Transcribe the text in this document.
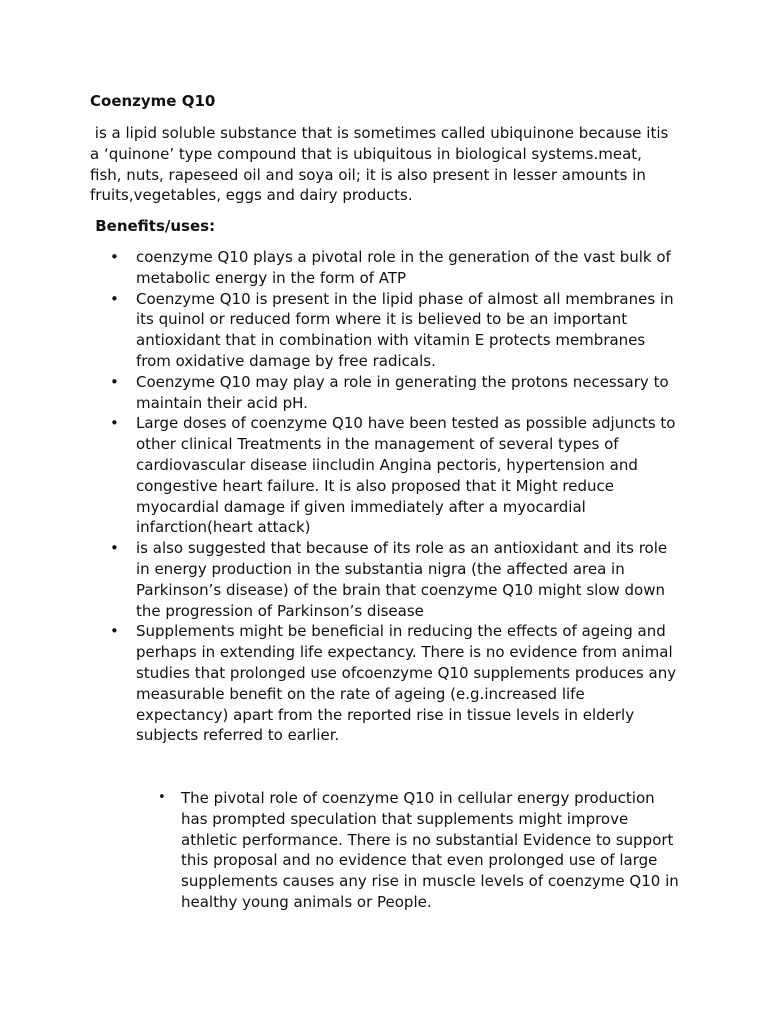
Coenzyme Q10

is a lipid soluble substance that is sometimes called ubiquinone because itis a ‘quinone’ type compound that is ubiquitous in biological systems.meat, fish, nuts, rapeseed oil and soya oil; it is also present in lesser amounts in fruits,vegetables, eggs and dairy products.

Benefits/uses:

• coenzyme Q10 plays a pivotal role in the generation of the vast bulk of metabolic energy in the form of ATP
• Coenzyme Q10 is present in the lipid phase of almost all membranes in its quinol or reduced form where it is believed to be an important antioxidant that in combination with vitamin E protects membranes from oxidative damage by free radicals.
• Coenzyme Q10 may play a role in generating the protons necessary to maintain their acid pH.
• Large doses of coenzyme Q10 have been tested as possible adjuncts to other clinical Treatments in the management of several types of cardiovascular disease iincludin Angina pectoris, hypertension and congestive heart failure. It is also proposed that it Might reduce myocardial damage if given immediately after a myocardial infarction(heart attack)
• is also suggested that because of its role as an antioxidant and its role in energy production in the substantia nigra (the affected area in Parkinson’s disease) of the brain that coenzyme Q10 might slow down the progression of Parkinson’s disease
• Supplements might be beneficial in reducing the effects of ageing and perhaps in extending life expectancy. There is no evidence from animal studies that prolonged use ofcoenzyme Q10 supplements produces any measurable benefit on the rate of ageing (e.g.increased life expectancy) apart from the reported rise in tissue levels in elderly subjects referred to earlier.
• The pivotal role of coenzyme Q10 in cellular energy production has prompted speculation that supplements might improve athletic performance. There is no substantial Evidence to support this proposal and no evidence that even prolonged use of large supplements causes any rise in muscle levels of coenzyme Q10 in healthy young animals or People.
